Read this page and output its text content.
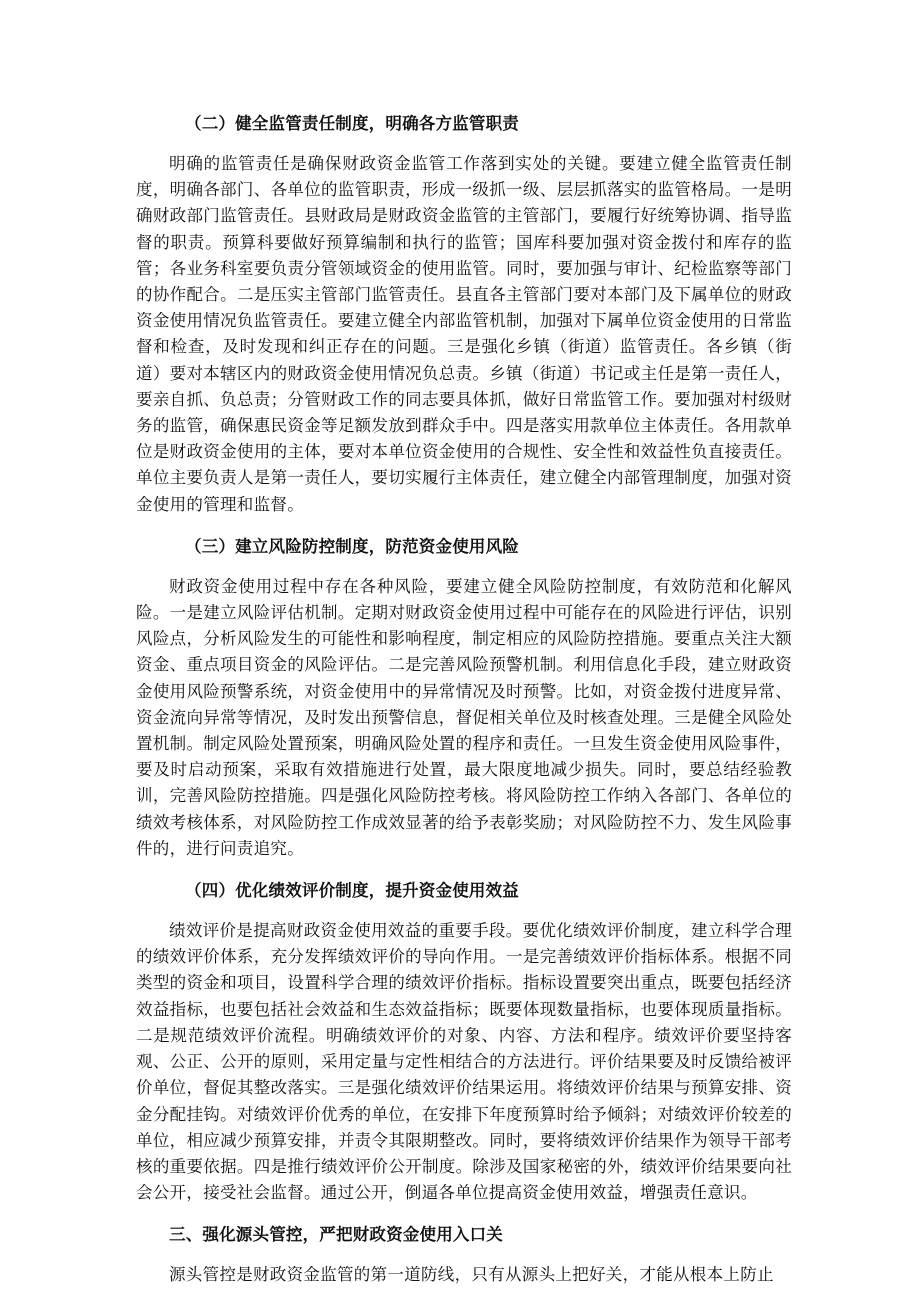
（二）健全监管责任制度，明确各方监管职责

明确的监管责任是确保财政资金监管工作落到实处的关键。要建立健全监管责任制度，明确各部门、各单位的监管职责，形成一级抓一级、层层抓落实的监管格局。一是明确财政部门监管责任。县财政局是财政资金监管的主管部门，要履行好统筹协调、指导监督的职责。预算科要做好预算编制和执行的监管；国库科要加强对资金拨付和库存的监管；各业务科室要负责分管领域资金的使用监管。同时，要加强与审计、纪检监察等部门的协作配合。二是压实主管部门监管责任。县直各主管部门要对本部门及下属单位的财政资金使用情况负监管责任。要建立健全内部监管机制，加强对下属单位资金使用的日常监督和检查，及时发现和纠正存在的问题。三是强化乡镇（街道）监管责任。各乡镇（街道）要对本辖区内的财政资金使用情况负总责。乡镇（街道）书记或主任是第一责任人，要亲自抓、负总责；分管财政工作的同志要具体抓，做好日常监管工作。要加强对村级财务的监管，确保惠民资金等足额发放到群众手中。四是落实用款单位主体责任。各用款单位是财政资金使用的主体，要对本单位资金使用的合规性、安全性和效益性负直接责任。单位主要负责人是第一责任人，要切实履行主体责任，建立健全内部管理制度，加强对资金使用的管理和监督。

（三）建立风险防控制度，防范资金使用风险

财政资金使用过程中存在各种风险，要建立健全风险防控制度，有效防范和化解风险。一是建立风险评估机制。定期对财政资金使用过程中可能存在的风险进行评估，识别风险点，分析风险发生的可能性和影响程度，制定相应的风险防控措施。要重点关注大额资金、重点项目资金的风险评估。二是完善风险预警机制。利用信息化手段，建立财政资金使用风险预警系统，对资金使用中的异常情况及时预警。比如，对资金拨付进度异常、资金流向异常等情况，及时发出预警信息，督促相关单位及时核查处理。三是健全风险处置机制。制定风险处置预案，明确风险处置的程序和责任。一旦发生资金使用风险事件，要及时启动预案，采取有效措施进行处置，最大限度地减少损失。同时，要总结经验教训，完善风险防控措施。四是强化风险防控考核。将风险防控工作纳入各部门、各单位的绩效考核体系，对风险防控工作成效显著的给予表彰奖励；对风险防控不力、发生风险事件的，进行问责追究。

（四）优化绩效评价制度，提升资金使用效益

绩效评价是提高财政资金使用效益的重要手段。要优化绩效评价制度，建立科学合理的绩效评价体系，充分发挥绩效评价的导向作用。一是完善绩效评价指标体系。根据不同类型的资金和项目，设置科学合理的绩效评价指标。指标设置要突出重点，既要包括经济效益指标，也要包括社会效益和生态效益指标；既要体现数量指标，也要体现质量指标。二是规范绩效评价流程。明确绩效评价的对象、内容、方法和程序。绩效评价要坚持客观、公正、公开的原则，采用定量与定性相结合的方法进行。评价结果要及时反馈给被评价单位，督促其整改落实。三是强化绩效评价结果运用。将绩效评价结果与预算安排、资金分配挂钩。对绩效评价优秀的单位，在安排下年度预算时给予倾斜；对绩效评价较差的单位，相应减少预算安排，并责令其限期整改。同时，要将绩效评价结果作为领导干部考核的重要依据。四是推行绩效评价公开制度。除涉及国家秘密的外，绩效评价结果要向社会公开，接受社会监督。通过公开，倒逼各单位提高资金使用效益，增强责任意识。

三、强化源头管控，严把财政资金使用入口关

源头管控是财政资金监管的第一道防线，只有从源头上把好关，才能从根本上防止
